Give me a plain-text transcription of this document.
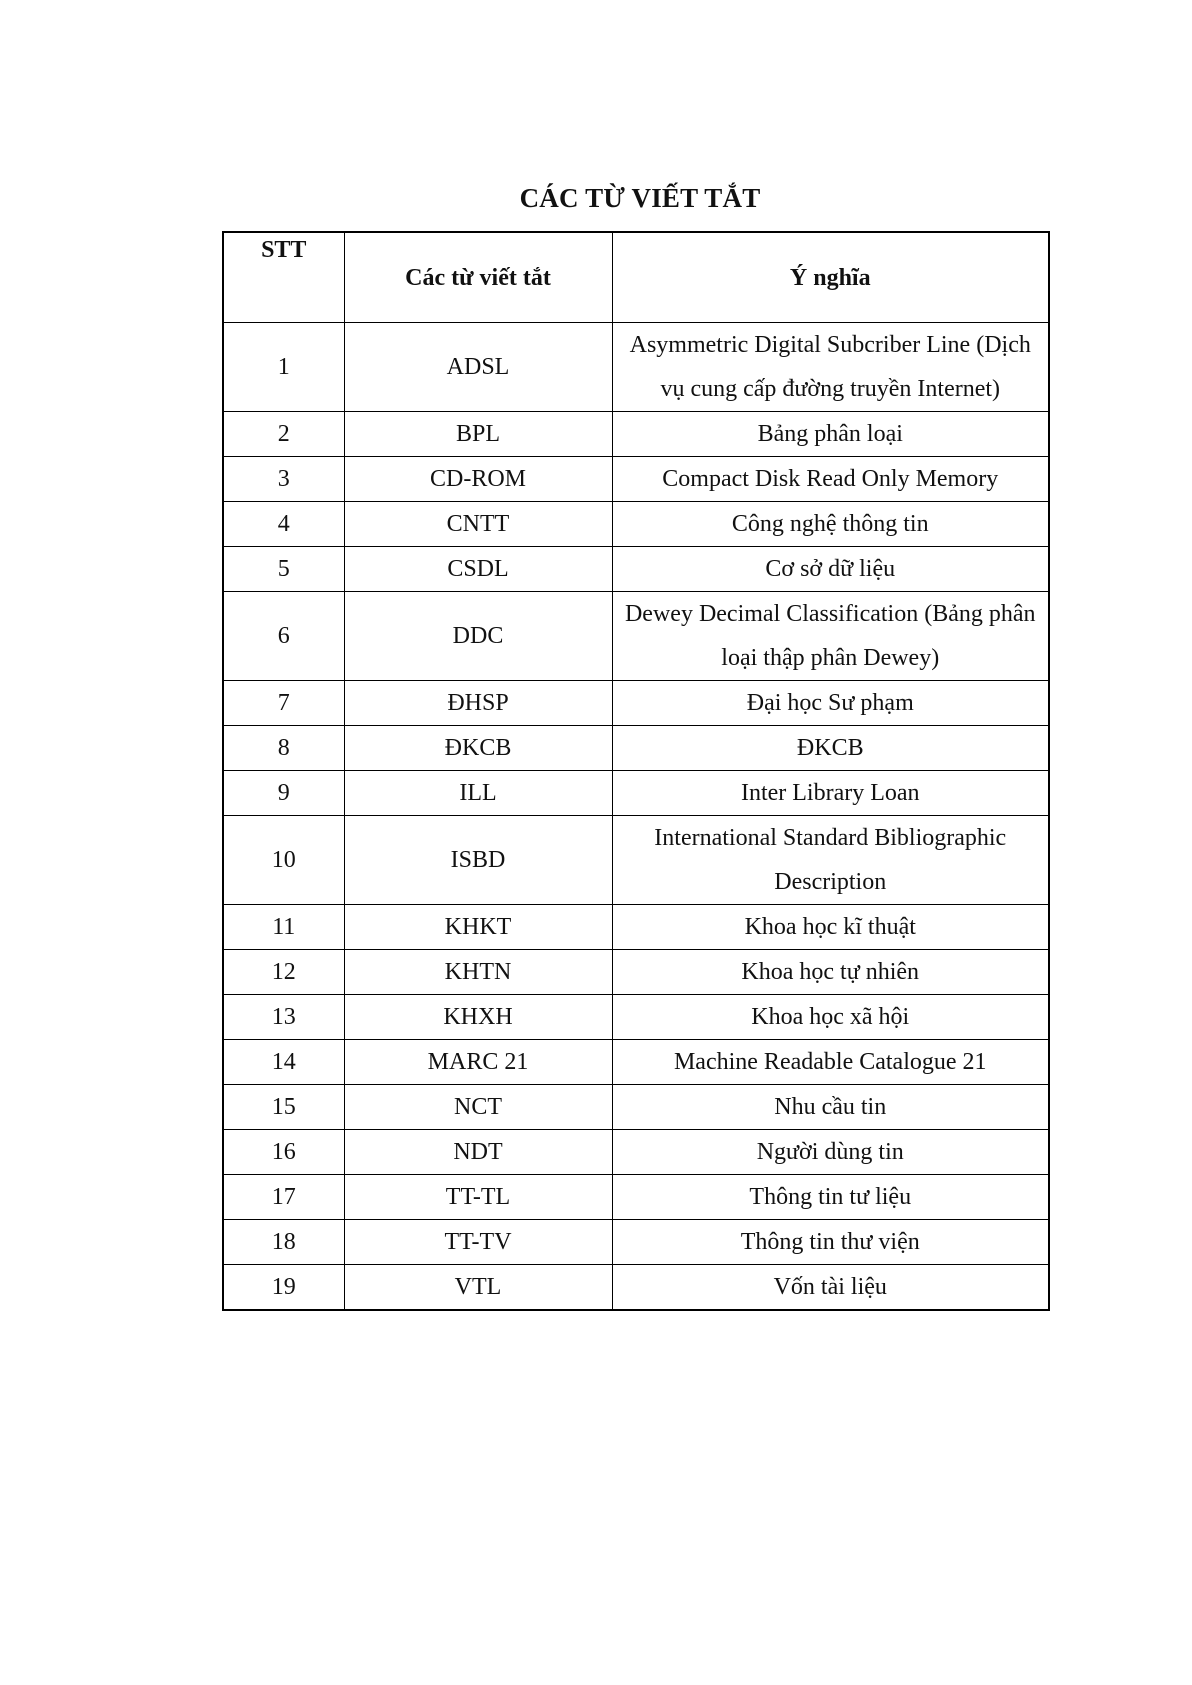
CÁC TỪ VIẾT TẮT
STT	Các từ viết tắt	Ý nghĩa
1	ADSL	Asymmetric Digital Subcriber Line (Dịch vụ cung cấp đường truyền Internet)
2	BPL	Bảng phân loại
3	CD-ROM	Compact Disk Read Only Memory
4	CNTT	Công nghệ thông tin
5	CSDL	Cơ sở dữ liệu
6	DDC	Dewey Decimal Classification (Bảng phân loại thập phân Dewey)
7	ĐHSP	Đại học Sư phạm
8	ĐKCB	ĐKCB
9	ILL	Inter Library Loan
10	ISBD	International Standard Bibliographic Description
11	KHKT	Khoa học kĩ thuật
12	KHTN	Khoa học tự nhiên
13	KHXH	Khoa học xã hội
14	MARC 21	Machine Readable Catalogue 21
15	NCT	Nhu cầu tin
16	NDT	Người dùng tin
17	TT-TL	Thông tin tư liệu
18	TT-TV	Thông tin thư viện
19	VTL	Vốn tài liệu
